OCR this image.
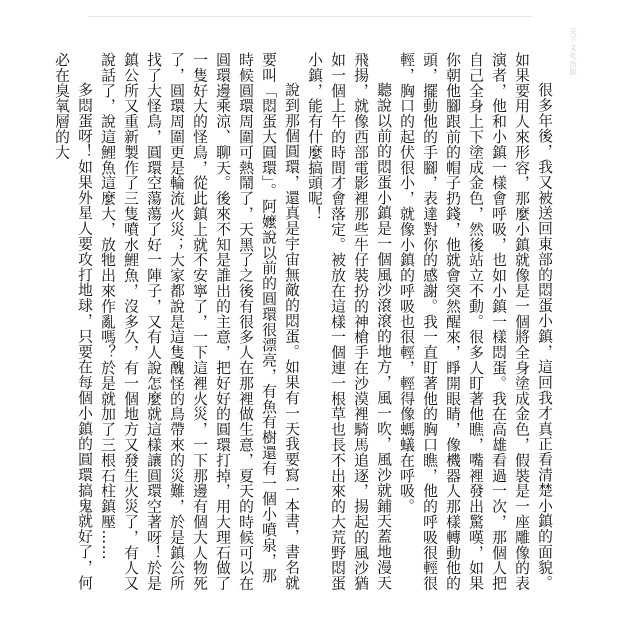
天下文化出版

很多年後，我又被送回東部的悶蛋小鎮，這回我才真正看清楚小鎮的面貌。如果要用人來形容，那麼小鎮就像是一個將全身塗成金色，假裝是一座雕像的表演者，他和小鎮一樣會呼吸，也如小鎮一樣悶蛋。我在高雄看過一次，那個人把自己全身上下塗成金色，然後站立不動。很多人盯著他瞧，嘴裡發出驚嘆，如果你朝他腳跟前的帽子扔錢，他就會突然醒來，睜開眼睛，像機器人那樣轉動他的頭，擺動他的手腳，表達對你的感謝。我一直盯著他的胸口瞧，他的呼吸很輕很輕，胸口的起伏很小，就像小鎮的呼吸也很輕，輕得像螞蟻在呼吸。

聽說以前的悶蛋小鎮是一個風沙滾滾的地方，風一吹，風沙就鋪天蓋地漫天飛揚，就像西部電影裡那些牛仔裝扮的神槍手在沙漠裡騎馬追逐，揚起的風沙猶如一個上午的時間才會落定。被放在這樣一個連一根草也長不出來的大荒野悶蛋小鎮，能有什麼搞頭呢！

說到那個圓環，還真是宇宙無敵的悶蛋。如果有一天我要寫一本書，書名就要叫「悶蛋大圓環」。阿嬤說以前的圓環很漂亮，有魚有樹還有一個小噴泉，那時候圓環周圍可熱鬧了，天黑了之後有很多人在那裡做生意，夏天的時候可以在圓環邊乘涼、聊天。後來不知是誰出的主意，把好好的圓環打掉，用大理石做了一隻好大的怪鳥，從此鎮上就不安寧了，一下這裡火災，一下那邊有個大人物死了，圓環周圍更是輪流火災；大家都說是這隻醜怪的鳥帶來的災難，於是鎮公所找了大怪鳥，圓環空蕩蕩了好一陣子，又有人說怎麼就這樣讓圓環空著呀！於是鎮公所又重新製作了三隻噴水鯉魚，沒多久，有一個地方又發生火災了，有人又說話了，說這鯉魚這麼大，放牠出來作亂嗎？於是就加了三根石柱鎮壓……

多悶蛋呀！如果外星人要攻打地球，只要在每個小鎮的圓環搞鬼就好了，何必在臭氧層的大
